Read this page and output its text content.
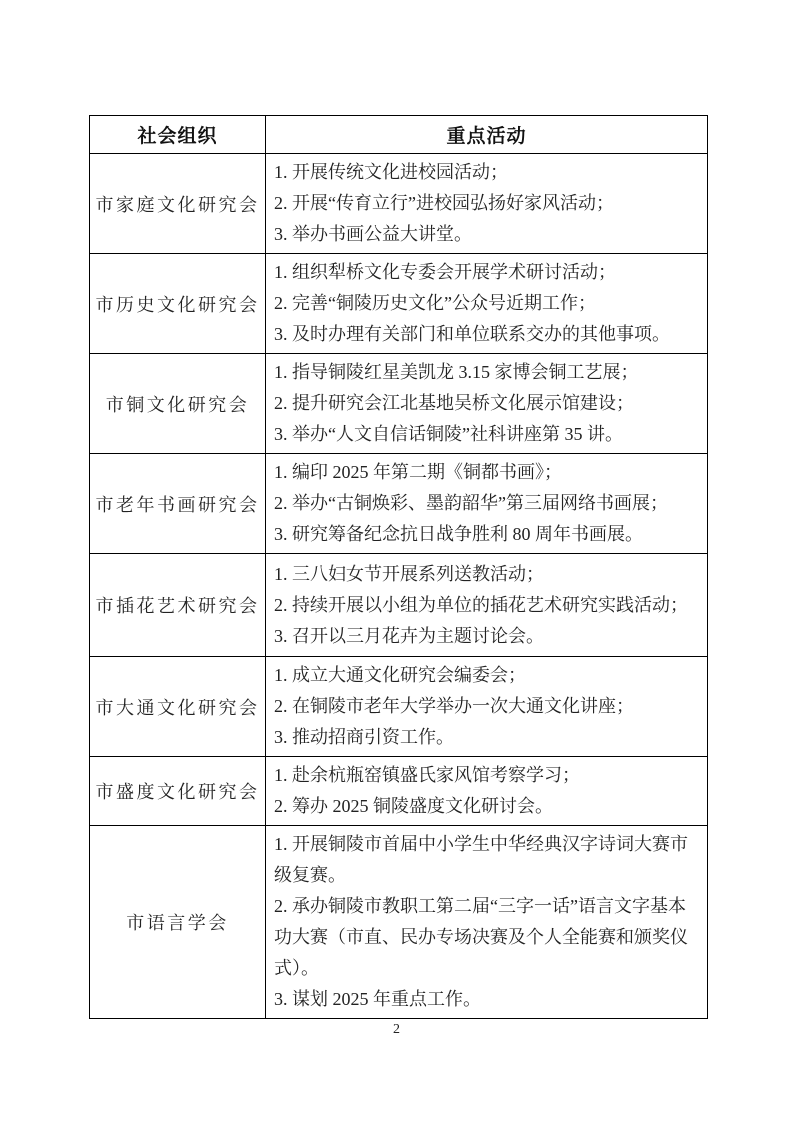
社会组织	重点活动
市家庭文化研究会	1. 开展传统文化进校园活动；
2. 开展“传育立行”进校园弘扬好家风活动；
3. 举办书画公益大讲堂。

市历史文化研究会	1. 组织犁桥文化专委会开展学术研讨活动；
2. 完善“铜陵历史文化”公众号近期工作；
3. 及时办理有关部门和单位联系交办的其他事项。

市铜文化研究会	1. 指导铜陵红星美凯龙 3.15 家博会铜工艺展；
2. 提升研究会江北基地吴桥文化展示馆建设；
3. 举办“人文自信话铜陵”社科讲座第 35 讲。

市老年书画研究会	1. 编印 2025 年第二期《铜都书画》；
2. 举办“古铜焕彩、墨韵韶华”第三届网络书画展；
3. 研究筹备纪念抗日战争胜利 80 周年书画展。

市插花艺术研究会	1. 三八妇女节开展系列送教活动；
2. 持续开展以小组为单位的插花艺术研究实践活动；
3. 召开以三月花卉为主题讨论会。

市大通文化研究会	1. 成立大通文化研究会编委会；
2. 在铜陵市老年大学举办一次大通文化讲座；
3. 推动招商引资工作。

市盛度文化研究会	1. 赴余杭瓶窑镇盛氏家风馆考察学习；
2. 筹办 2025 铜陵盛度文化研讨会。

市语言学会	1. 开展铜陵市首届中小学生中华经典汉字诗词大赛市级复赛。
2. 承办铜陵市教职工第二届“三字一话”语言文字基本功大赛（市直、民办专场决赛及个人全能赛和颁奖仪式）。
3. 谋划 2025 年重点工作。
2
